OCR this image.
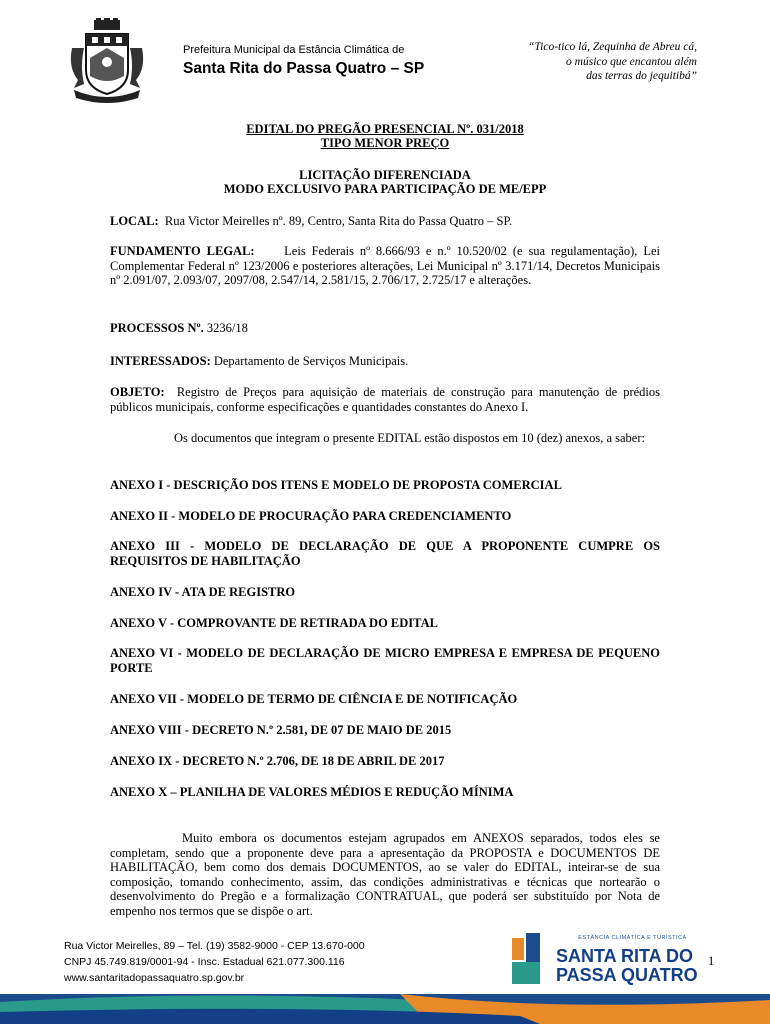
Prefeitura Municipal da Estância Climática de
Santa Rita do Passa Quatro – SP
“Tico-tico lá, Zequinha de Abreu cá,
o músico que encantou além
das terras do jequitibá”
EDITAL DO PREGÃO PRESENCIAL Nº. 031/2018
TIPO MENOR PREÇO
LICITAÇÃO DIFERENCIADA
MODO EXCLUSIVO PARA PARTICIPAÇÃO DE ME/EPP
LOCAL: Rua Victor Meirelles nº. 89, Centro, Santa Rita do Passa Quatro – SP.
FUNDAMENTO LEGAL: Leis Federais nº 8.666/93 e n.º 10.520/02 (e sua regulamentação), Lei Complementar Federal nº 123/2006 e posteriores alterações, Lei Municipal nº 3.171/14, Decretos Municipais nº 2.091/07, 2.093/07, 2097/08, 2.547/14, 2.581/15, 2.706/17, 2.725/17 e alterações.
PROCESSOS Nº. 3236/18
INTERESSADOS: Departamento de Serviços Municipais.
OBJETO: Registro de Preços para aquisição de materiais de construção para manutenção de prédios públicos municipais, conforme especificações e quantidades constantes do Anexo I.
Os documentos que integram o presente EDITAL estão dispostos em 10 (dez) anexos, a saber:
ANEXO I - DESCRIÇÃO DOS ITENS E MODELO DE PROPOSTA COMERCIAL
ANEXO II - MODELO DE PROCURAÇÃO PARA CREDENCIAMENTO
ANEXO III - MODELO DE DECLARAÇÃO DE QUE A PROPONENTE CUMPRE OS REQUISITOS DE HABILITAÇÃO
ANEXO IV - ATA DE REGISTRO
ANEXO V - COMPROVANTE DE RETIRADA DO EDITAL
ANEXO VI - MODELO DE DECLARAÇÃO DE MICRO EMPRESA E EMPRESA DE PEQUENO PORTE
ANEXO VII - MODELO DE TERMO DE CIÊNCIA E DE NOTIFICAÇÃO
ANEXO VIII - DECRETO N.º 2.581, DE 07 DE MAIO DE 2015
ANEXO IX - DECRETO N.º 2.706, DE 18 DE ABRIL DE 2017
ANEXO X – PLANILHA DE VALORES MÉDIOS E REDUÇÃO MÍNIMA
Muito embora os documentos estejam agrupados em ANEXOS separados, todos eles se completam, sendo que a proponente deve para a apresentação da PROPOSTA e DOCUMENTOS DE HABILITAÇÃO, bem como dos demais DOCUMENTOS, ao se valer do EDITAL, inteirar-se de sua composição, tomando conhecimento, assim, das condições administrativas e técnicas que nortearão o desenvolvimento do Pregão e a formalização CONTRATUAL, que poderá ser substituído por Nota de empenho nos termos que se dispõe o art.
Rua Victor Meirelles, 89 – Tel. (19) 3582-9000 - CEP 13.670-000
CNPJ 45.749.819/0001-94 - Insc. Estadual 621.077.300.116
www.santaritadopassaquatro.sp.gov.br
ESTÂNCIA CLIMÁTICA E TURÍSTICA
SANTA RITA DO
PASSA QUATRO
1
